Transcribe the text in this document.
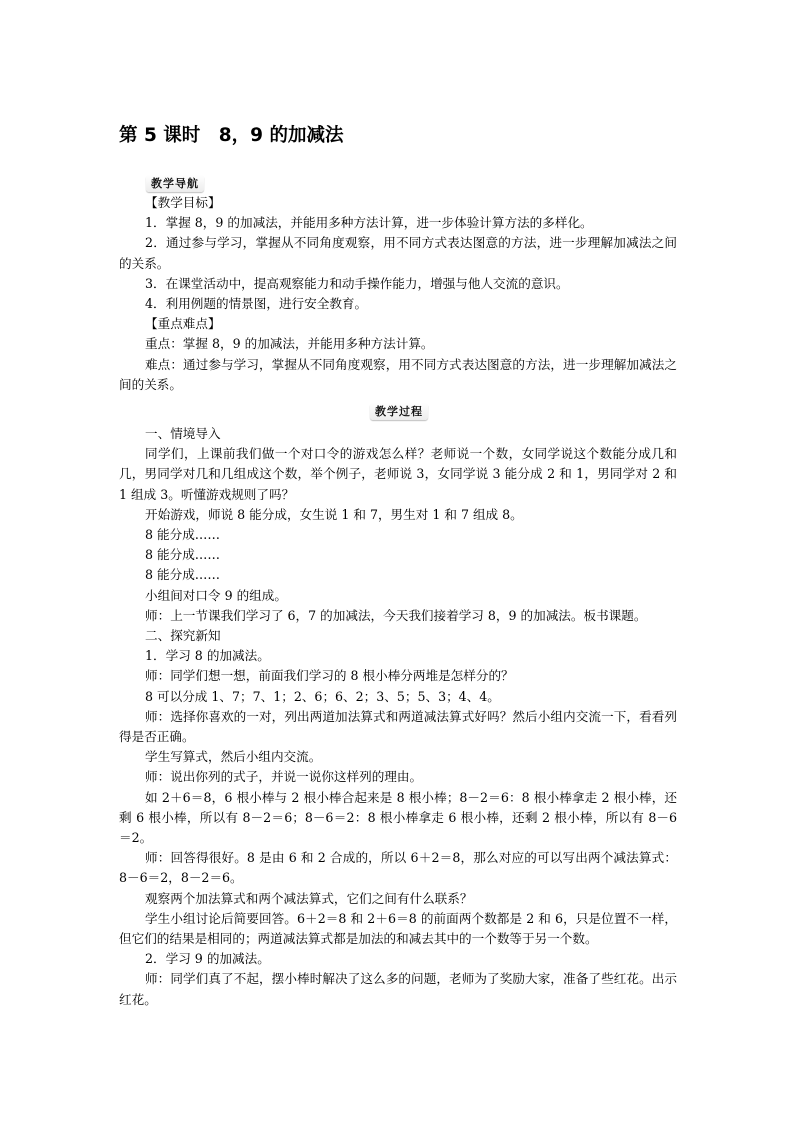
第 5 课时　8，9 的加减法
教学导航

【教学目标】

1．掌握 8，9 的加减法，并能用多种方法计算，进一步体验计算方法的多样化。

2．通过参与学习，掌握从不同角度观察，用不同方式表达图意的方法，进一步理解加减法之间的关系。

3．在课堂活动中，提高观察能力和动手操作能力，增强与他人交流的意识。

4．利用例题的情景图，进行安全教育。

【重点难点】

重点：掌握 8，9 的加减法，并能用多种方法计算。

难点：通过参与学习，掌握从不同角度观察，用不同方式表达图意的方法，进一步理解加减法之间的关系。

教学过程

一、情境导入

同学们，上课前我们做一个对口令的游戏怎么样？老师说一个数，女同学说这个数能分成几和几，男同学对几和几组成这个数，举个例子，老师说 3，女同学说 3 能分成 2 和 1，男同学对 2 和 1 组成 3。听懂游戏规则了吗？

开始游戏，师说 8 能分成，女生说 1 和 7，男生对 1 和 7 组成 8。

8 能分成……

8 能分成……

8 能分成……

小组间对口令 9 的组成。

师：上一节课我们学习了 6，7 的加减法，今天我们接着学习 8，9 的加减法。板书课题。

二、探究新知

1．学习 8 的加减法。

师：同学们想一想，前面我们学习的 8 根小棒分两堆是怎样分的？

8 可以分成 1、7；7、1；2、6；6、2；3、5；5、3；4、4。

师：选择你喜欢的一对，列出两道加法算式和两道减法算式好吗？然后小组内交流一下，看看列得是否正确。

学生写算式，然后小组内交流。

师：说出你列的式子，并说一说你这样列的理由。

如 2＋6＝8，6 根小棒与 2 根小棒合起来是 8 根小棒；8－2＝6：8 根小棒拿走 2 根小棒，还剩 6 根小棒，所以有 8－2＝6；8－6＝2：8 根小棒拿走 6 根小棒，还剩 2 根小棒，所以有 8－6＝2。

师：回答得很好。8 是由 6 和 2 合成的，所以 6＋2＝8，那么对应的可以写出两个减法算式：8－6＝2，8－2＝6。

观察两个加法算式和两个减法算式，它们之间有什么联系？

学生小组讨论后简要回答。6＋2＝8 和 2＋6＝8 的前面两个数都是 2 和 6，只是位置不一样，但它们的结果是相同的；两道减法算式都是加法的和减去其中的一个数等于另一个数。

2．学习 9 的加减法。

师：同学们真了不起，摆小棒时解决了这么多的问题，老师为了奖励大家，准备了些红花。出示红花。
